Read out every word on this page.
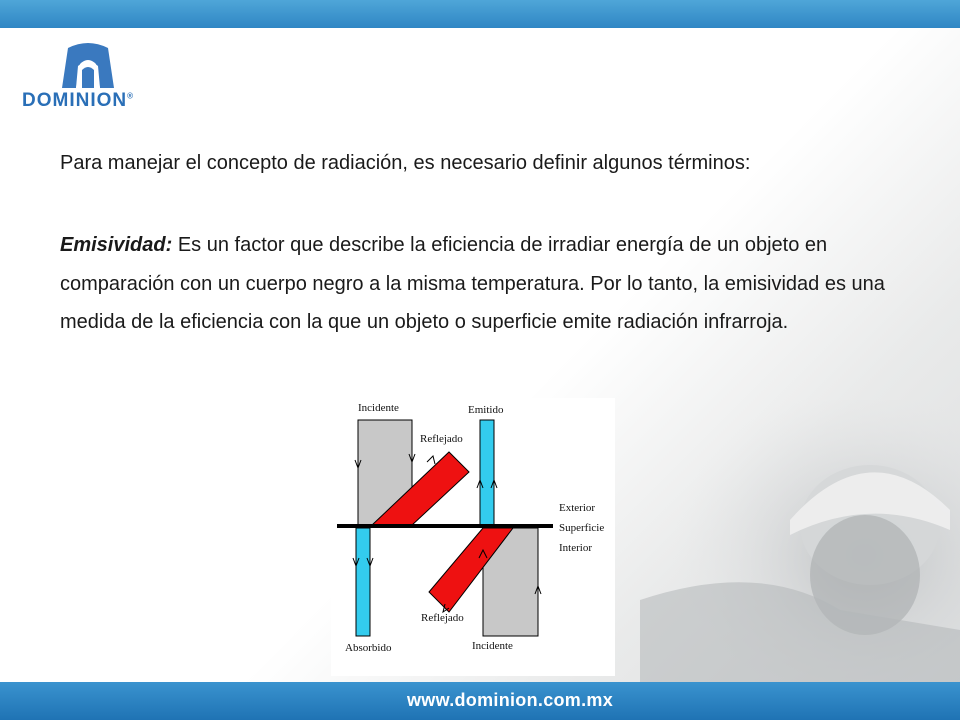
DOMINION®
Para manejar el concepto de radiación, es necesario definir algunos términos:
Emisividad: Es un factor que describe la eficiencia de irradiar energía de un objeto en comparación con un cuerpo negro a la misma temperatura. Por lo tanto, la emisividad es una medida de la eficiencia con la que un objeto o superficie emite radiación infrarroja.
Incidente	Emitido
Reflejado
Exterior
Superficie
Interior
Reflejado
Absorbido	Incidente
www.dominion.com.mx
